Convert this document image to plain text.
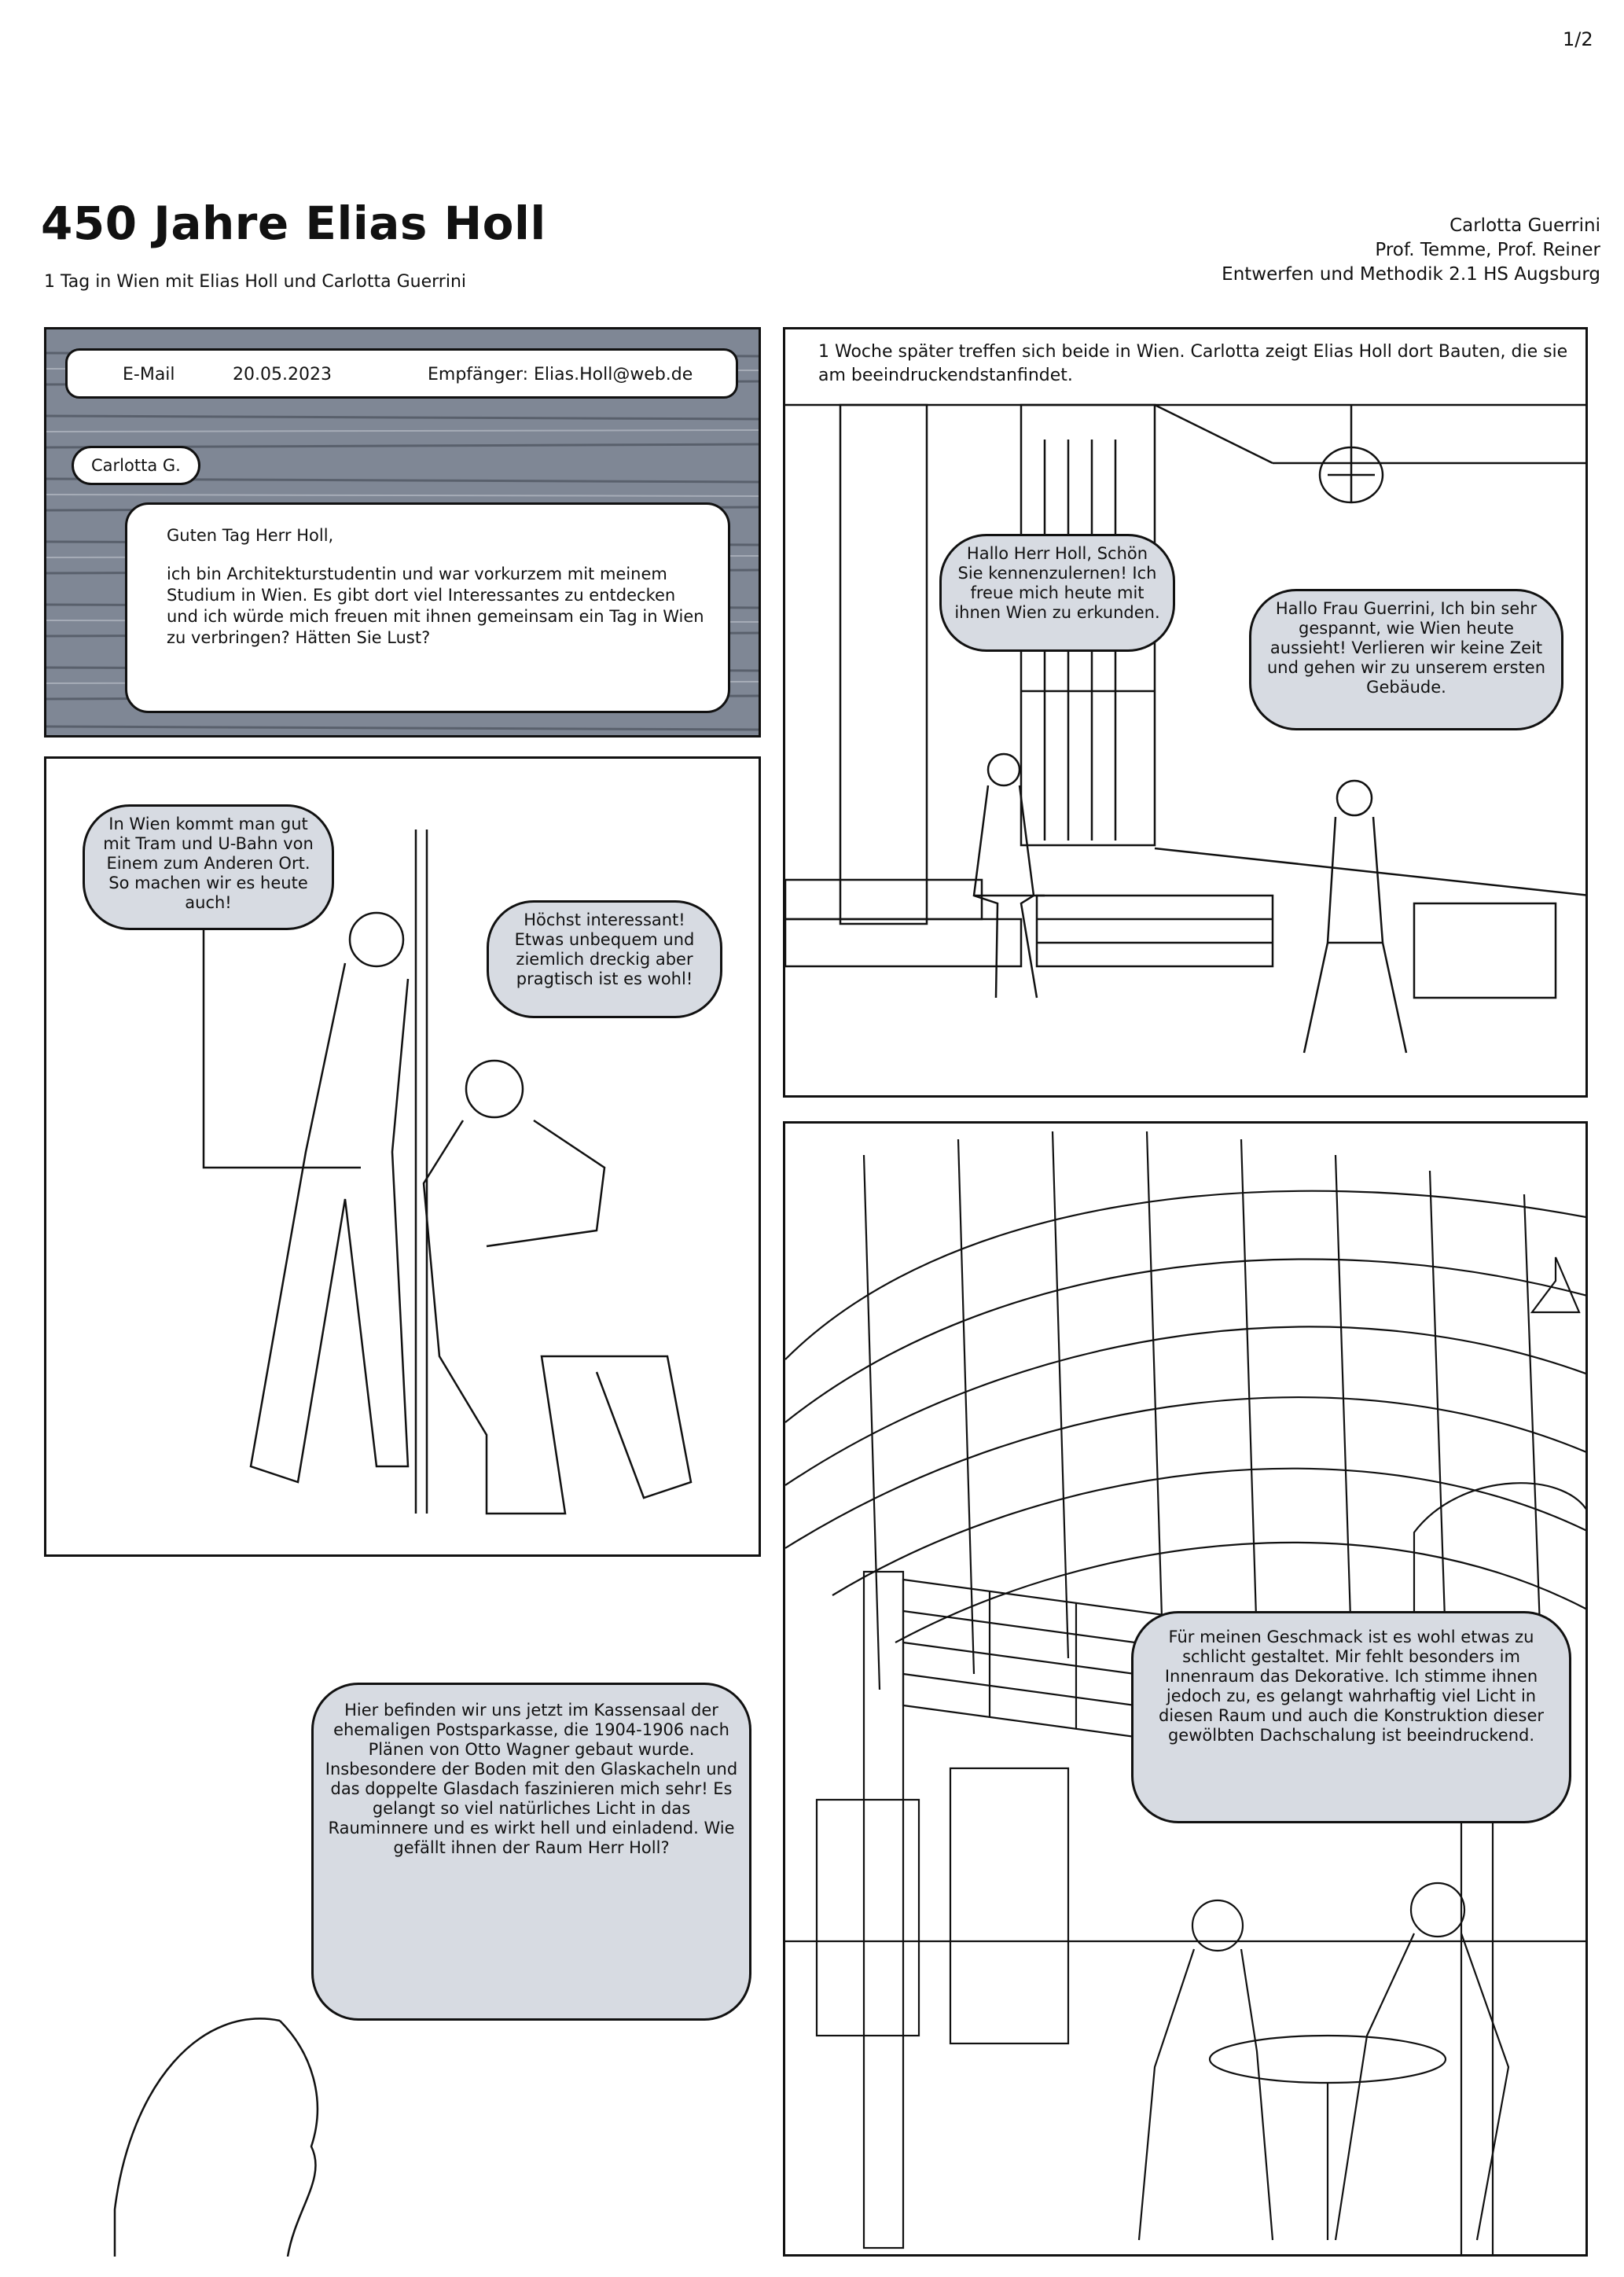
1/2
450 Jahre Elias Holl
1 Tag in Wien mit Elias Holl und Carlotta Guerrini
Carlotta Guerrini
Prof. Temme, Prof. Reiner
Entwerfen und Methodik 2.1 HS Augsburg
E-Mail	20.05.2023	Empfänger: Elias.Holl@web.de
Carlotta G.
Guten Tag Herr Holl,
ich bin Architekturstudentin und war vorkurzem mit meinem Studium in Wien. Es gibt dort viel Interessantes zu entdecken und ich würde mich freuen mit ihnen gemeinsam ein Tag in Wien zu verbringen? Hätten Sie Lust?
1 Woche später treffen sich beide in Wien. Carlotta zeigt Elias Holl dort Bauten, die sie am beeindruckendstanfindet.
Hallo Herr Holl, Schön Sie kennenzulernen! Ich freue mich heute mit ihnen Wien zu erkunden.	Hallo Frau Guerrini, Ich bin sehr gespannt, wie Wien heute aussieht! Verlieren wir keine Zeit und gehen wir zu unserem ersten Gebäude.
In Wien kommt man gut mit Tram und U-Bahn von Einem zum Anderen Ort. So machen wir es heute auch!
Höchst interessant! Etwas unbequem und ziemlich dreckig aber pragtisch ist es wohl!
Hier befinden wir uns jetzt im Kassensaal der ehemaligen Postsparkasse, die 1904-1906 nach Plänen von Otto Wagner gebaut wurde. Insbesondere der Boden mit den Glaskacheln und das doppelte Glasdach faszinieren mich sehr! Es gelangt so viel natürliches Licht in das Rauminnere und es wirkt hell und einladend. Wie gefällt ihnen der Raum Herr Holl?
Für meinen Geschmack ist es wohl etwas zu schlicht gestaltet. Mir fehlt besonders im Innenraum das Dekorative. Ich stimme ihnen jedoch zu, es gelangt wahrhaftig viel Licht in diesen Raum und auch die Konstruktion dieser gewölbten Dachschalung ist beeindruckend.
